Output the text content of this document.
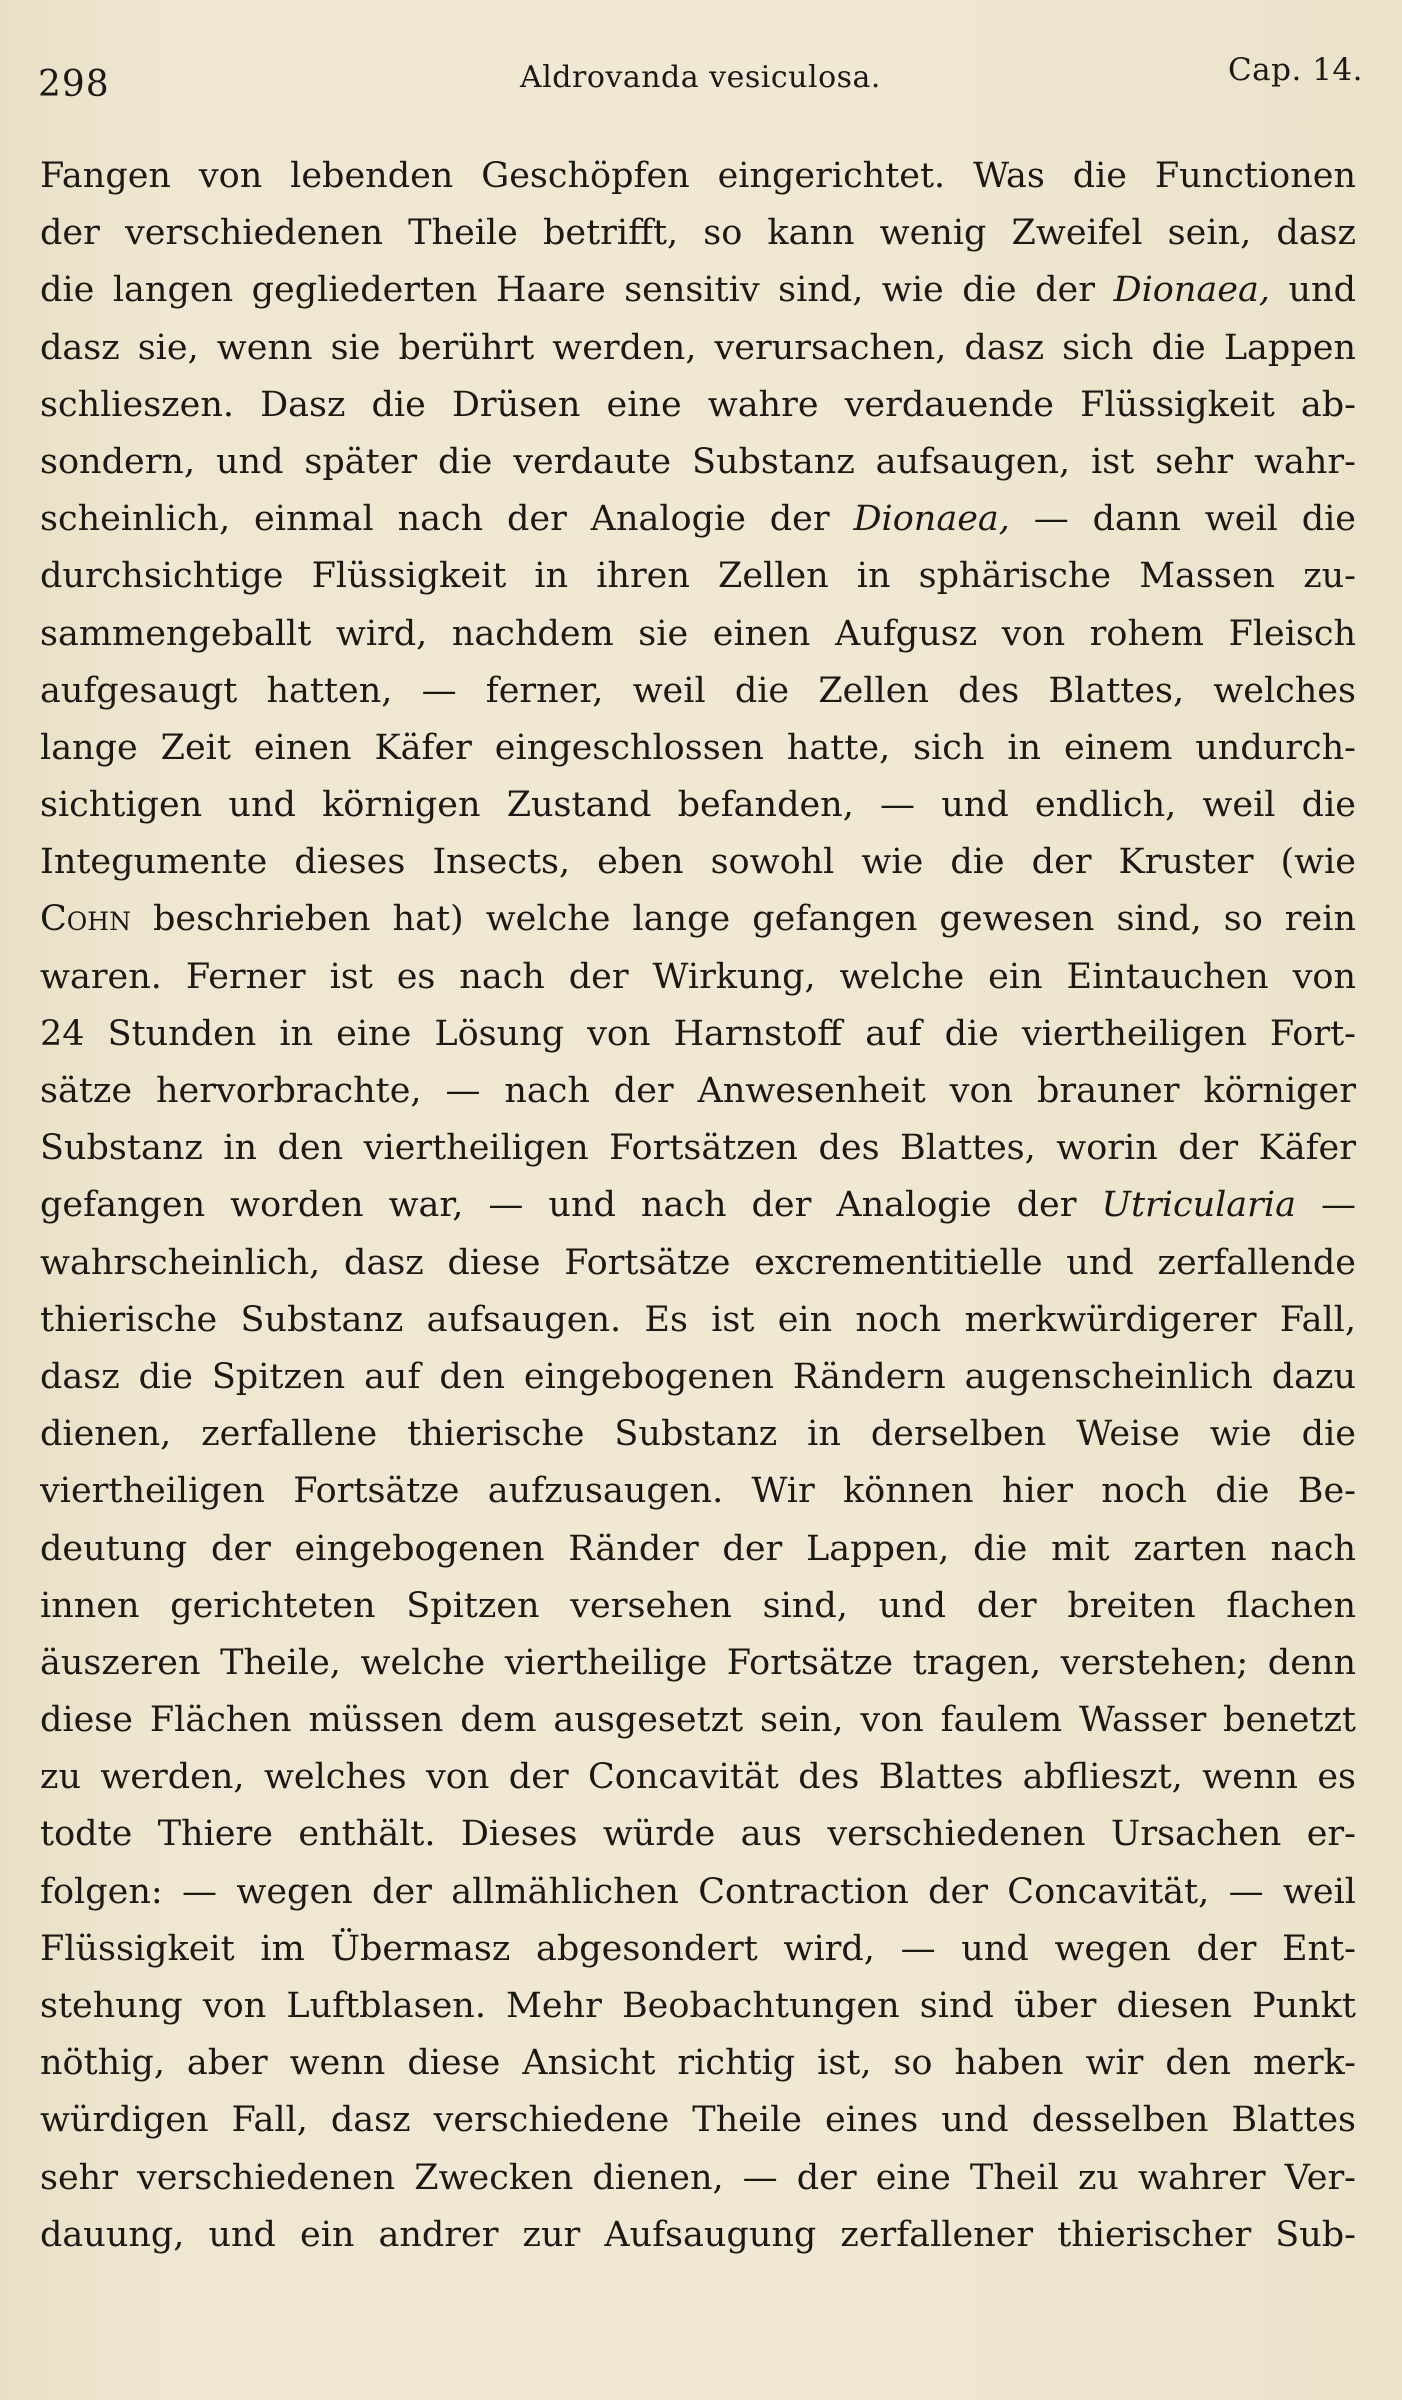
298	Aldrovanda vesiculosa.	Cap. 14.
Fangen von lebenden Geschöpfen eingerichtet. Was die Functionen
der verschiedenen Theile betrifft, so kann wenig Zweifel sein, dasz
die langen gegliederten Haare sensitiv sind, wie die der Dionaea, und
dasz sie, wenn sie berührt werden, verursachen, dasz sich die Lappen
schlieszen. Dasz die Drüsen eine wahre verdauende Flüssigkeit ab-
sondern, und später die verdaute Substanz aufsaugen, ist sehr wahr-
scheinlich, einmal nach der Analogie der Dionaea, — dann weil die
durchsichtige Flüssigkeit in ihren Zellen in sphärische Massen zu-
sammengeballt wird, nachdem sie einen Aufgusz von rohem Fleisch
aufgesaugt hatten, — ferner, weil die Zellen des Blattes, welches
lange Zeit einen Käfer eingeschlossen hatte, sich in einem undurch-
sichtigen und körnigen Zustand befanden, — und endlich, weil die
Integumente dieses Insects, eben sowohl wie die der Kruster (wie
Cohn beschrieben hat) welche lange gefangen gewesen sind, so rein
waren. Ferner ist es nach der Wirkung, welche ein Eintauchen von
24 Stunden in eine Lösung von Harnstoff auf die viertheiligen Fort-
sätze hervorbrachte, — nach der Anwesenheit von brauner körniger
Substanz in den viertheiligen Fortsätzen des Blattes, worin der Käfer
gefangen worden war, — und nach der Analogie der Utricularia —
wahrscheinlich, dasz diese Fortsätze excrementitielle und zerfallende
thierische Substanz aufsaugen. Es ist ein noch merkwürdigerer Fall,
dasz die Spitzen auf den eingebogenen Rändern augenscheinlich dazu
dienen, zerfallene thierische Substanz in derselben Weise wie die
viertheiligen Fortsätze aufzusaugen. Wir können hier noch die Be-
deutung der eingebogenen Ränder der Lappen, die mit zarten nach
innen gerichteten Spitzen versehen sind, und der breiten flachen
äuszeren Theile, welche viertheilige Fortsätze tragen, verstehen; denn
diese Flächen müssen dem ausgesetzt sein, von faulem Wasser benetzt
zu werden, welches von der Concavität des Blattes abflieszt, wenn es
todte Thiere enthält. Dieses würde aus verschiedenen Ursachen er-
folgen: — wegen der allmählichen Contraction der Concavität, — weil
Flüssigkeit im Übermasz abgesondert wird, — und wegen der Ent-
stehung von Luftblasen. Mehr Beobachtungen sind über diesen Punkt
nöthig, aber wenn diese Ansicht richtig ist, so haben wir den merk-
würdigen Fall, dasz verschiedene Theile eines und desselben Blattes
sehr verschiedenen Zwecken dienen, — der eine Theil zu wahrer Ver-
dauung, und ein andrer zur Aufsaugung zerfallener thierischer Sub-
